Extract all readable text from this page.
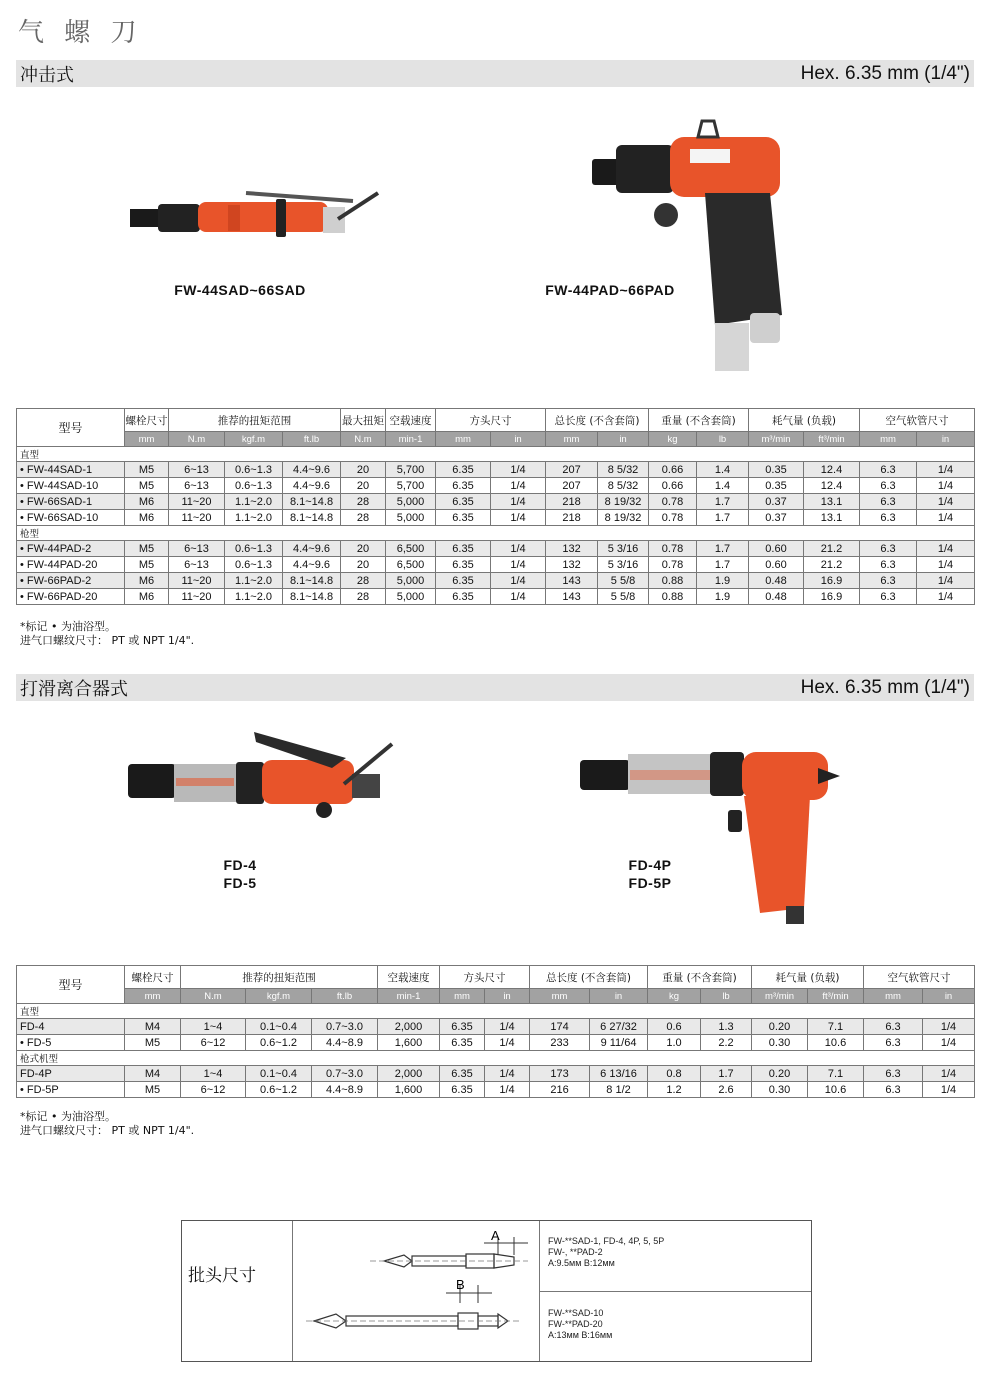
气 螺 刀
冲击式	Hex. 6.35 mm (1/4")
FW-44SAD~66SAD	FW-44PAD~66PAD
型号	螺栓尺寸	推荐的扭矩范围			最大扭矩	空载速度	方头尺寸		总长度 (不含套筒)		重量 (不含套筒)		耗气量 (负载)		空气软管尺寸	
	mm	N.m	kgf.m	ft.lb	N.m	min-1	mm	in	mm	in	kg	lb	m³/min	ft³/min	mm	in
直型																
• FW-44SAD-1	M5	6~13	0.6~1.3	4.4~9.6	20	5,700	6.35	1/4	207	8 5/32	0.66	1.4	0.35	12.4	6.3	1/4
• FW-44SAD-10	M5	6~13	0.6~1.3	4.4~9.6	20	5,700	6.35	1/4	207	8 5/32	0.66	1.4	0.35	12.4	6.3	1/4
• FW-66SAD-1	M6	11~20	1.1~2.0	8.1~14.8	28	5,000	6.35	1/4	218	8 19/32	0.78	1.7	0.37	13.1	6.3	1/4
• FW-66SAD-10	M6	11~20	1.1~2.0	8.1~14.8	28	5,000	6.35	1/4	218	8 19/32	0.78	1.7	0.37	13.1	6.3	1/4
枪型																
• FW-44PAD-2	M5	6~13	0.6~1.3	4.4~9.6	20	6,500	6.35	1/4	132	5 3/16	0.78	1.7	0.60	21.2	6.3	1/4
• FW-44PAD-20	M5	6~13	0.6~1.3	4.4~9.6	20	6,500	6.35	1/4	132	5 3/16	0.78	1.7	0.60	21.2	6.3	1/4
• FW-66PAD-2	M6	11~20	1.1~2.0	8.1~14.8	28	5,000	6.35	1/4	143	5 5/8	0.88	1.9	0.48	16.9	6.3	1/4
• FW-66PAD-20	M6	11~20	1.1~2.0	8.1~14.8	28	5,000	6.35	1/4	143	5 5/8	0.88	1.9	0.48	16.9	6.3	1/4
*标记 • 为油浴型。
进气口螺纹尺寸： PT 或 NPT 1/4".
打滑离合器式	Hex. 6.35 mm (1/4")
FD-4
FD-5
FD-4P
FD-5P
型号	螺栓尺寸	推荐的扭矩范围			空载速度	方头尺寸		总长度 (不含套筒)		重量 (不含套筒)		耗气量 (负载)		空气软管尺寸	
	mm	N.m	kgf.m	ft.lb	min-1	mm	in	mm	in	kg	lb	m³/min	ft³/min	mm	in
直型															
FD-4	M4	1~4	0.1~0.4	0.7~3.0	2,000	6.35	1/4	174	6 27/32	0.6	1.3	0.20	7.1	6.3	1/4
• FD-5	M5	6~12	0.6~1.2	4.4~8.9	1,600	6.35	1/4	233	9 11/64	1.0	2.2	0.30	10.6	6.3	1/4
枪式机型															
FD-4P	M4	1~4	0.1~0.4	0.7~3.0	2,000	6.35	1/4	173	6 13/16	0.8	1.7	0.20	7.1	6.3	1/4
• FD-5P	M5	6~12	0.6~1.2	4.4~8.9	1,600	6.35	1/4	216	8 1/2	1.2	2.6	0.30	10.6	6.3	1/4
*标记 • 为油浴型。
进气口螺纹尺寸： PT 或 NPT 1/4".
批头尺寸
A
B
FW-**SAD-1, FD-4, 4P, 5, 5P
FW-, **PAD-2
A:9.5мм B:12мм
FW-**SAD-10
FW-**PAD-20
A:13мм B:16мм
